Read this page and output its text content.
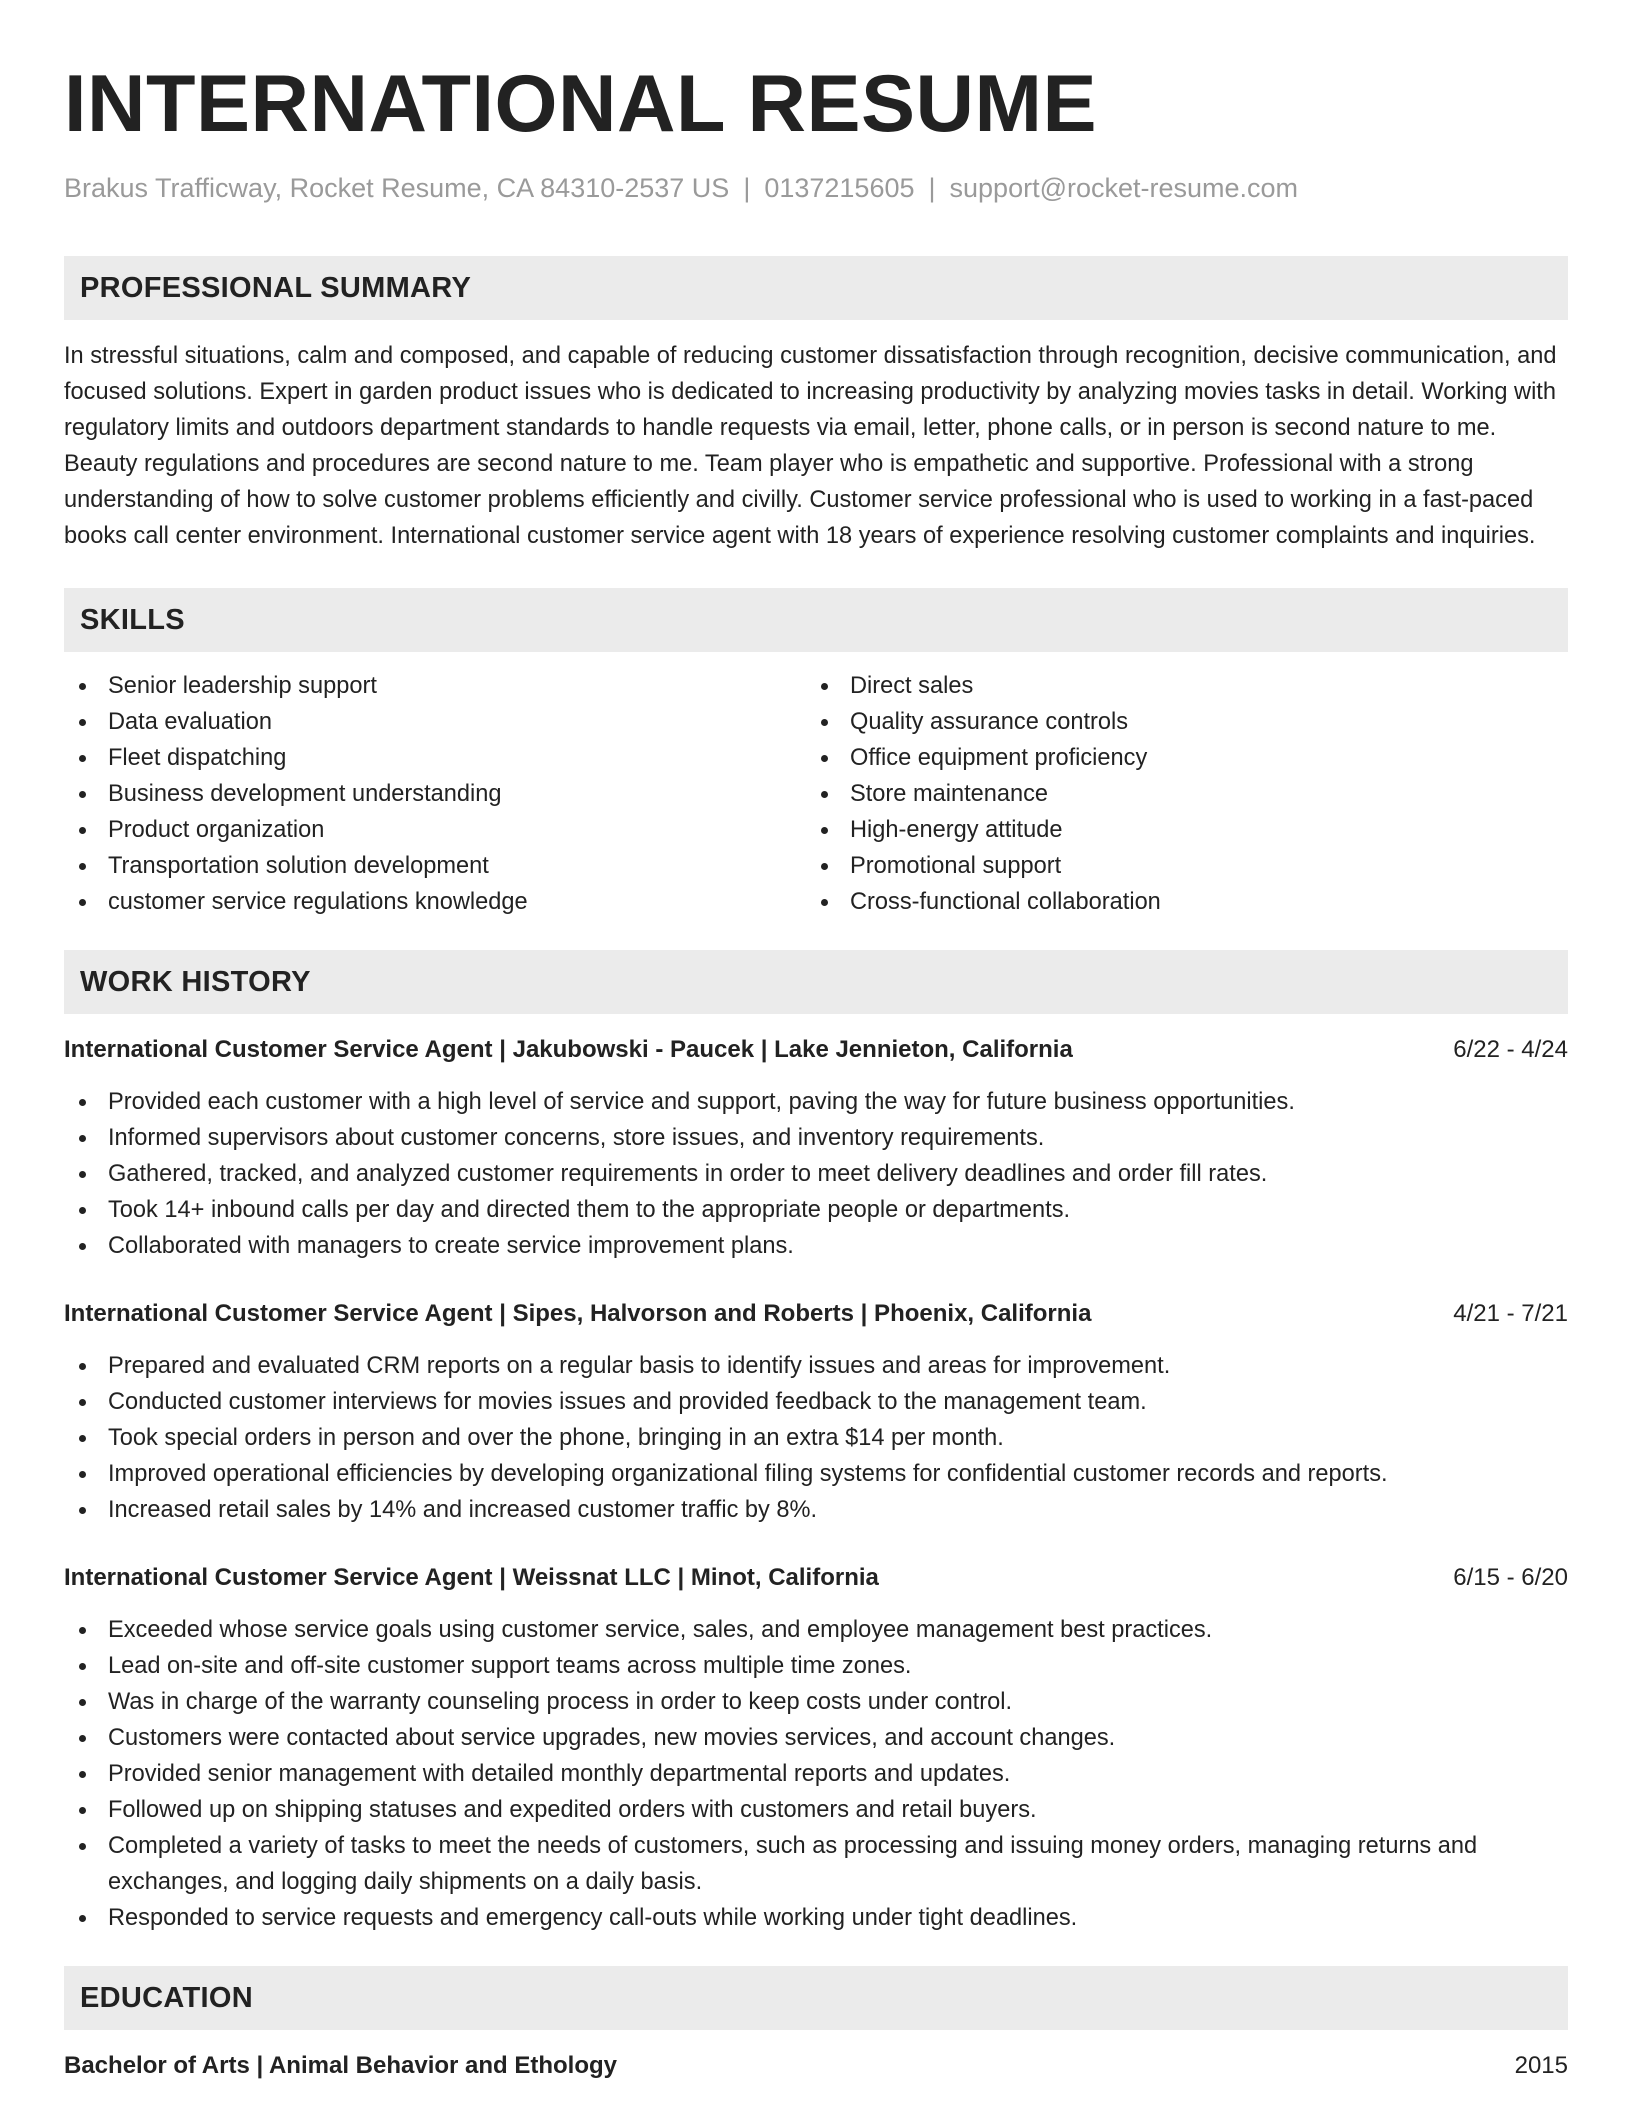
INTERNATIONAL RESUME
Brakus Trafficway, Rocket Resume, CA 84310-2537 US | 0137215605 | support@rocket-resume.com
PROFESSIONAL SUMMARY

In stressful situations, calm and composed, and capable of reducing customer dissatisfaction through recognition, decisive communication, and focused solutions. Expert in garden product issues who is dedicated to increasing productivity by analyzing movies tasks in detail. Working with regulatory limits and outdoors department standards to handle requests via email, letter, phone calls, or in person is second nature to me. Beauty regulations and procedures are second nature to me. Team player who is empathetic and supportive. Professional with a strong understanding of how to solve customer problems efficiently and civilly. Customer service professional who is used to working in a fast-paced books call center environment. International customer service agent with 18 years of experience resolving customer complaints and inquiries.

SKILLS
Senior leadership support
Data evaluation
Fleet dispatching
Business development understanding
Product organization
Transportation solution development
customer service regulations knowledge
Direct sales
Quality assurance controls
Office equipment proficiency
Store maintenance
High-energy attitude
Promotional support
Cross-functional collaboration
WORK HISTORY
International Customer Service Agent | Jakubowski - Paucek | Lake Jennieton, California	6/22 - 4/24
Provided each customer with a high level of service and support, paving the way for future business opportunities.
Informed supervisors about customer concerns, store issues, and inventory requirements.
Gathered, tracked, and analyzed customer requirements in order to meet delivery deadlines and order fill rates.
Took 14+ inbound calls per day and directed them to the appropriate people or departments.
Collaborated with managers to create service improvement plans.
International Customer Service Agent | Sipes, Halvorson and Roberts | Phoenix, California	4/21 - 7/21
Prepared and evaluated CRM reports on a regular basis to identify issues and areas for improvement.
Conducted customer interviews for movies issues and provided feedback to the management team.
Took special orders in person and over the phone, bringing in an extra $14 per month.
Improved operational efficiencies by developing organizational filing systems for confidential customer records and reports.
Increased retail sales by 14% and increased customer traffic by 8%.
International Customer Service Agent | Weissnat LLC | Minot, California	6/15 - 6/20
Exceeded whose service goals using customer service, sales, and employee management best practices.
Lead on-site and off-site customer support teams across multiple time zones.
Was in charge of the warranty counseling process in order to keep costs under control.
Customers were contacted about service upgrades, new movies services, and account changes.
Provided senior management with detailed monthly departmental reports and updates.
Followed up on shipping statuses and expedited orders with customers and retail buyers.
Completed a variety of tasks to meet the needs of customers, such as processing and issuing money orders, managing returns and exchanges, and logging daily shipments on a daily basis.
Responded to service requests and emergency call-outs while working under tight deadlines.
EDUCATION
Bachelor of Arts | Animal Behavior and Ethology	2015
